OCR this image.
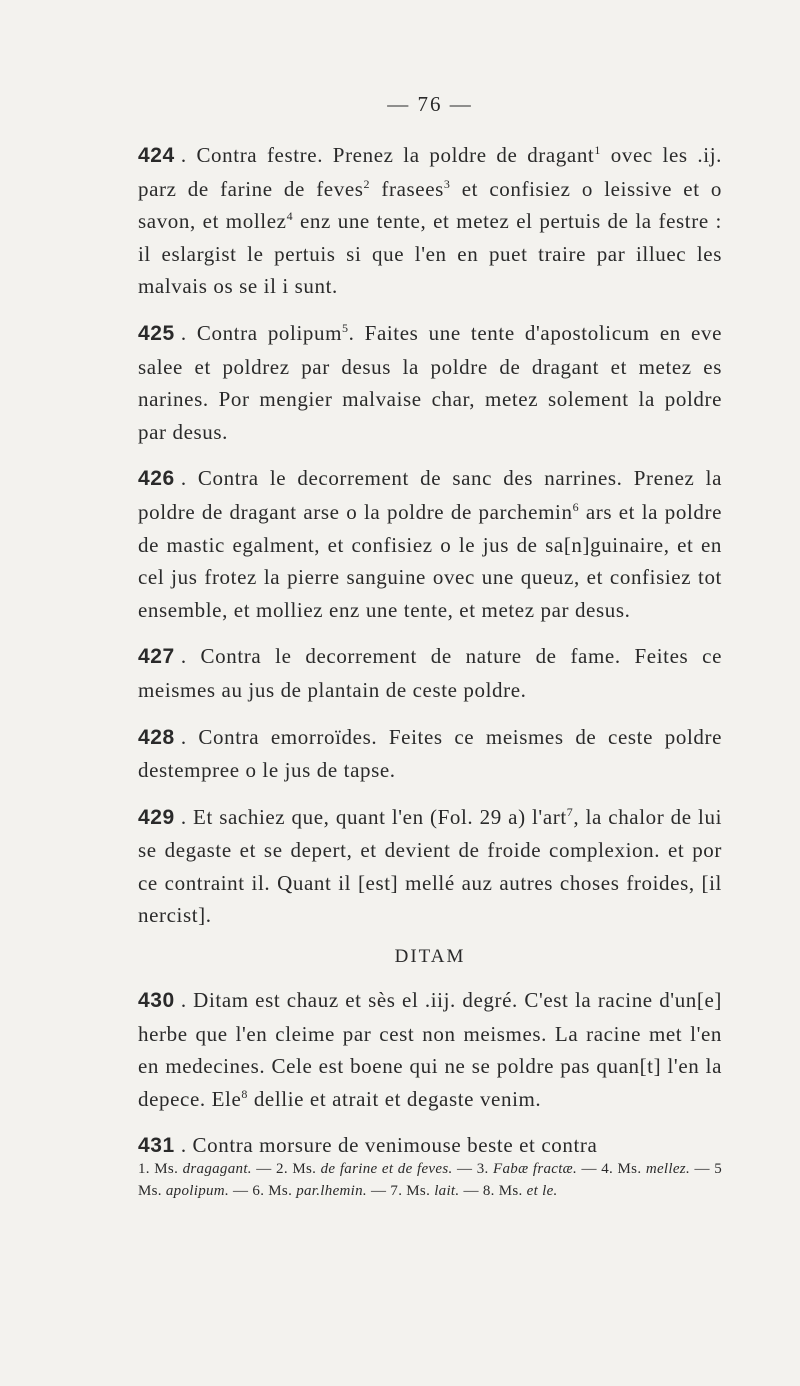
— 76 —

424 . Contra festre. Prenez la poldre de dragant$^1$ ovec les .ij. parz de farine de feves$^2$ frasees$^3$ et confisiez o leissive et o savon, et mollez$^4$ enz une tente, et metez el pertuis de la festre : il eslargist le pertuis si que l'en en puet traire par illuec les malvais os se il i sunt.

425 . Contra polipum$^5$. Faites une tente d'apostolicum en eve salee et poldrez par desus la poldre de dragant et metez es narines. Por mengier malvaise char, metez solement la poldre par desus.

426 . Contra le decorrement de sanc des narrines. Prenez la poldre de dragant arse o la poldre de parchemin$^6$ ars et la poldre de mastic egalment, et confisiez o le jus de sa[n]guinaire, et en cel jus frotez la pierre sanguine ovec une queuz, et confisiez tot ensemble, et molliez enz une tente, et metez par desus.

427 . Contra le decorrement de nature de fame. Feites ce meismes au jus de plantain de ceste poldre.

428 . Contra emorroïdes. Feites ce meismes de ceste poldre destempree o le jus de tapse.

429 . Et sachiez que, quant l'en (Fol. 29 a) l'art$^7$, la chalor de lui se degaste et se depert, et devient de froide complexion. et por ce contraint il. Quant il [est] mellé auz autres choses froides, [il nercist].

DITAM

430 . Ditam est chauz et sès el .iij. degré. C'est la racine d'un[e] herbe que l'en cleime par cest non meismes. La racine met l'en en medecines. Cele est boene qui ne se poldre pas quan[t] l'en la depece. Ele$^8$ dellie et atrait et degaste venim.

431 . Contra morsure de venimouse beste et contra

1. Ms. dragagant. — 2. Ms. de farine et de feves. — 3. Fabæ fractæ. — 4. Ms. mellez. — 5 Ms. apolipum. — 6. Ms. par.lhemin. — 7. Ms. lait. — 8. Ms. et le.
